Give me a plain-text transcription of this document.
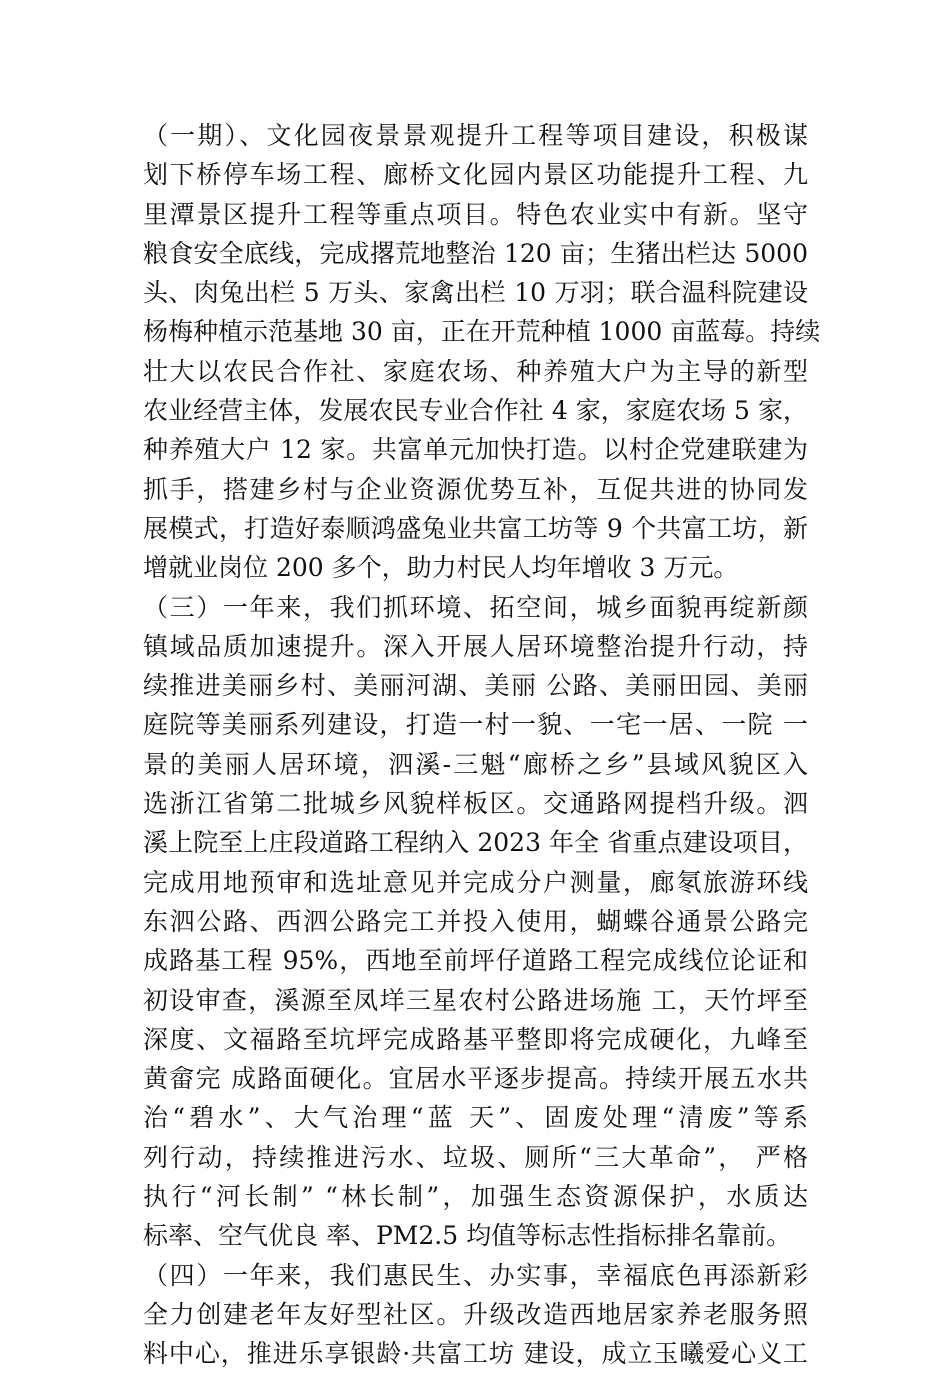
（一期）、文化园夜景景观提升工程等项目建设，积极谋
划下桥停车场工程、廊桥文化园内景区功能提升工程、九
里潭景区提升工程等重点项目。特色农业实中有新。坚守
粮食安全底线，完成撂荒地整治 120 亩；生猪出栏达 5000
头、肉兔出栏 5 万头、家禽出栏 10 万羽；联合温科院建设
杨梅种植示范基地 30 亩，正在开荒种植 1000 亩蓝莓。持续
壮大以农民合作社、家庭农场、种养殖大户为主导的新型
农业经营主体，发展农民专业合作社 4 家，家庭农场 5 家，
种养殖大户 12 家。共富单元加快打造。以村企党建联建为
抓手，搭建乡村与企业资源优势互补，互促共进的协同发
展模式，打造好泰顺鸿盛兔业共富工坊等 9 个共富工坊，新
增就业岗位 200 多个，助力村民人均年增收 3 万元。
（三）一年来，我们抓环境、拓空间，城乡面貌再绽新颜
镇域品质加速提升。深入开展人居环境整治提升行动，持
续推进美丽乡村、美丽河湖、美丽 公路、美丽田园、美丽
庭院等美丽系列建设，打造一村一貌、一宅一居、一院 一
景的美丽人居环境，泗溪-三魁“廊桥之乡”县域风貌区入
选浙江省第二批城乡风貌样板区。交通路网提档升级。泗
溪上院至上庄段道路工程纳入 2023 年全 省重点建设项目，
完成用地预审和选址意见并完成分户测量，廊氡旅游环线
东泗公路、西泗公路完工并投入使用，蝴蝶谷通景公路完
成路基工程 95%，西地至前坪仔道路工程完成线位论证和
初设审查，溪源至凤垟三星农村公路进场施 工，天竹坪至
深度、文福路至坑坪完成路基平整即将完成硬化，九峰至
黄畲完 成路面硬化。宜居水平逐步提高。持续开展五水共
治“碧水”、大气治理“蓝 天”、固废处理“清废”等系
列行动，持续推进污水、垃圾、厕所“三大革命”， 严格
执行“河长制” “林长制”，加强生态资源保护，水质达
标率、空气优良 率、PM2.5 均值等标志性指标排名靠前。
（四）一年来，我们惠民生、办实事，幸福底色再添新彩
全力创建老年友好型社区。升级改造西地居家养老服务照
料中心，推进乐享银龄·共富工坊 建设，成立玉曦爱心义工
